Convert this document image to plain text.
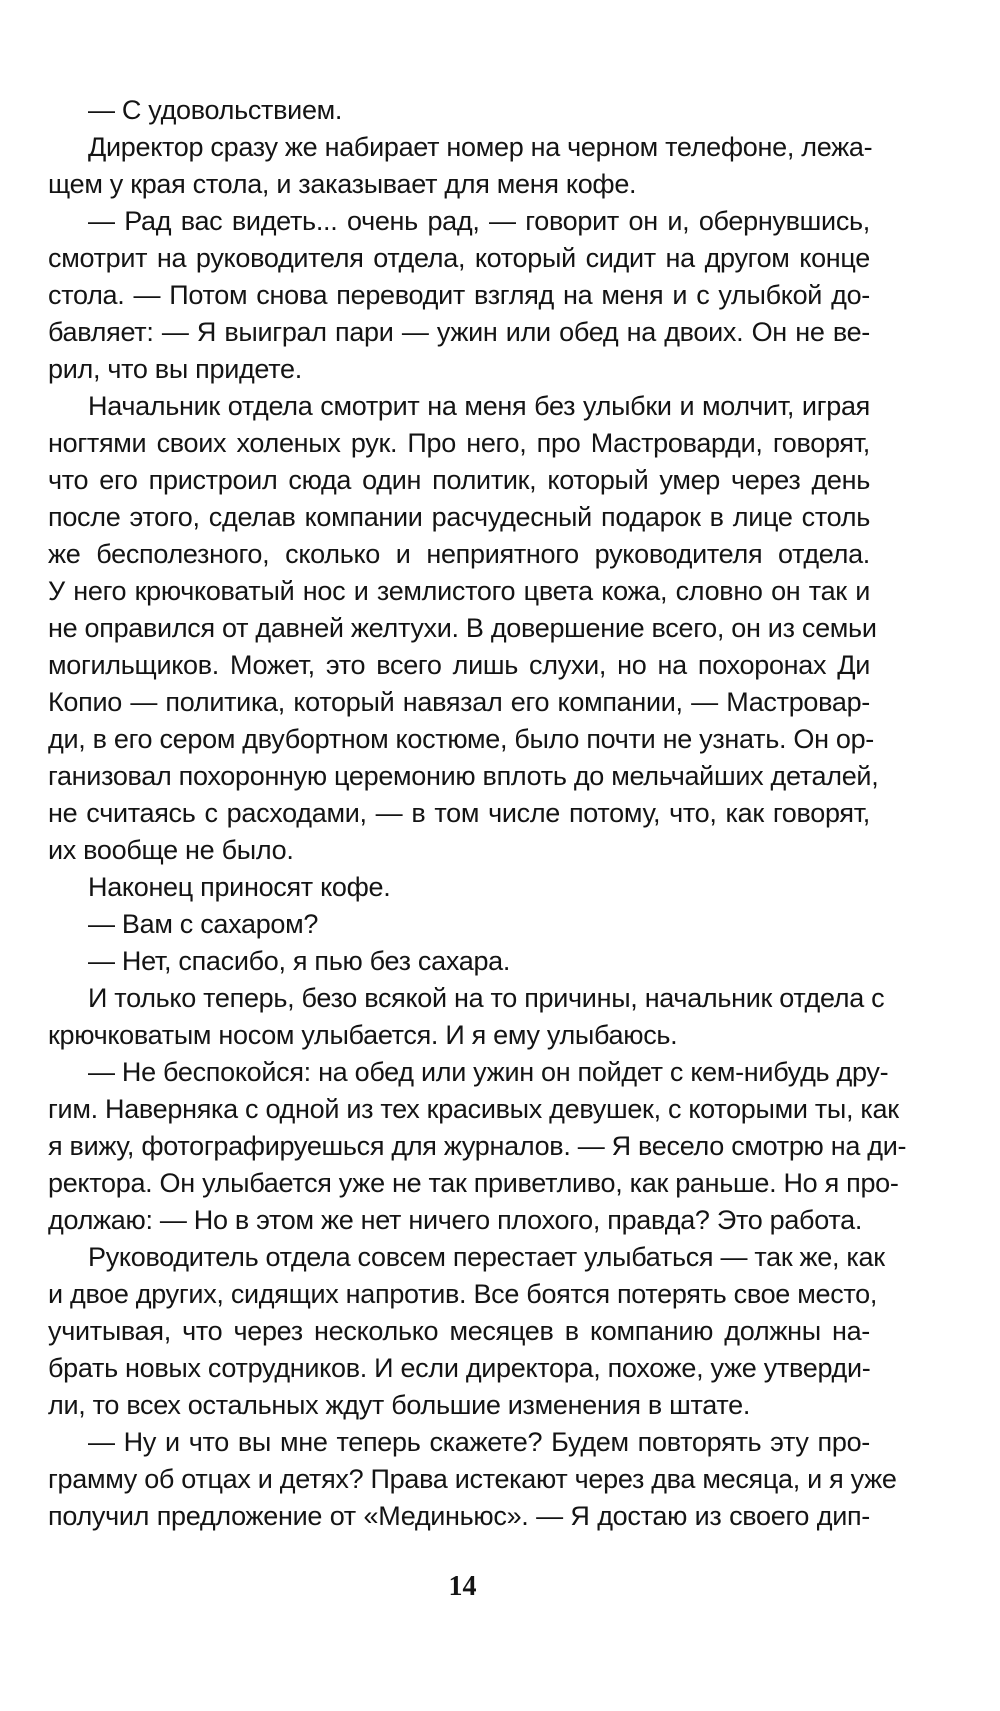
— С удовольствием.
Директор сразу же набирает номер на черном телефоне, лежа-
щем у края стола, и заказывает для меня кофе.
— Рад вас видеть... очень рад, — говорит он и, обернувшись,
смотрит на руководителя отдела, который сидит на другом конце
стола. — Потом снова переводит взгляд на меня и с улыбкой до-
бавляет: — Я выиграл пари — ужин или обед на двоих. Он не ве-
рил, что вы придете.
Начальник отдела смотрит на меня без улыбки и молчит, играя
ногтями своих холеных рук. Про него, про Мастроварди, говорят,
что его пристроил сюда один политик, который умер через день
после этого, сделав компании расчудесный подарок в лице столь
же бесполезного, сколько и неприятного руководителя отдела.
У него крючковатый нос и землистого цвета кожа, словно он так и
не оправился от давней желтухи. В довершение всего, он из семьи
могильщиков. Может, это всего лишь слухи, но на похоронах Ди
Копио — политика, который навязал его компании, — Мастровар-
ди, в его сером двубортном костюме, было почти не узнать. Он ор-
ганизовал похоронную церемонию вплоть до мельчайших деталей,
не считаясь с расходами, — в том числе потому, что, как говорят,
их вообще не было.
Наконец приносят кофе.
— Вам с сахаром?
— Нет, спасибо, я пью без сахара.
И только теперь, безо всякой на то причины, начальник отдела с
крючковатым носом улыбается. И я ему улыбаюсь.
— Не беспокойся: на обед или ужин он пойдет с кем-нибудь дру-
гим. Наверняка с одной из тех красивых девушек, с которыми ты, как
я вижу, фотографируешься для журналов. — Я весело смотрю на ди-
ректора. Он улыбается уже не так приветливо, как раньше. Но я про-
должаю: — Но в этом же нет ничего плохого, правда? Это работа.
Руководитель отдела совсем перестает улыбаться — так же, как
и двое других, сидящих напротив. Все боятся потерять свое место,
учитывая, что через несколько месяцев в компанию должны на-
брать новых сотрудников. И если директора, похоже, уже утверди-
ли, то всех остальных ждут большие изменения в штате.
— Ну и что вы мне теперь скажете? Будем повторять эту про-
грамму об отцах и детях? Права истекают через два месяца, и я уже
получил предложение от «Мединьюс». — Я достаю из своего дип-
14
